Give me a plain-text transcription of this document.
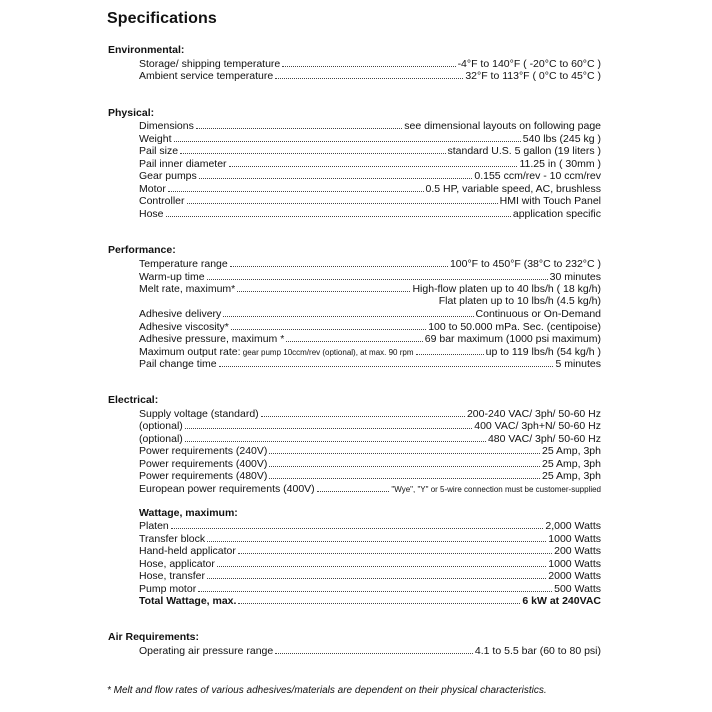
Specifications
Environmental:
Storage/ shipping temperature	-4°F to 140°F ( -20°C to 60°C )
Ambient service temperature	32°F to 113°F ( 0°C to 45°C )
Physical:
Dimensions	see dimensional layouts on following page
Weight	540 lbs (245 kg )
Pail size	standard U.S. 5 gallon (19 liters )
Pail inner diameter	11.25 in ( 30mm )
Gear pumps	0.155 ccm/rev - 10 ccm/rev
Motor	0.5 HP, variable speed, AC, brushless
Controller	HMI with Touch Panel
Hose	application specific
Performance:
Temperature range	100°F to 450°F (38°C to 232°C )
Warm-up time	30 minutes
Melt rate, maximum*	High-flow platen up to 40 lbs/h ( 18 kg/h)
Flat platen up to 10 lbs/h (4.5 kg/h)
Adhesive delivery	Continuous or On-Demand
Adhesive viscosity*	100 to 50.000 mPa. Sec. (centipoise)
Adhesive pressure, maximum *	69 bar maximum (1000 psi maximum)
Maximum output rate: gear pump 10ccm/rev (optional), at max. 90 rpm	up to 119 lbs/h (54 kg/h )
Pail change time	5 minutes
Electrical:
Supply voltage (standard)	200-240 VAC/ 3ph/ 50-60 Hz
(optional)	400 VAC/ 3ph+N/ 50-60 Hz
(optional)	480 VAC/ 3ph/ 50-60 Hz
Power requirements (240V)	25 Amp, 3ph
Power requirements (400V)	25 Amp, 3ph
Power requirements (480V)	25 Amp, 3ph
European power requirements (400V)	"Wye", "Y" or 5-wire connection must be customer-supplied
Wattage, maximum:
Platen	2,000 Watts
Transfer block	1000 Watts
Hand-held applicator	200 Watts
Hose, applicator	1000 Watts
Hose, transfer	2000 Watts
Pump motor	500 Watts
Total Wattage, max.	6 kW at 240VAC
Air Requirements:
Operating air pressure range	4.1 to 5.5 bar (60 to 80 psi)
* Melt and flow rates of various adhesives/materials are dependent on their physical characteristics.
